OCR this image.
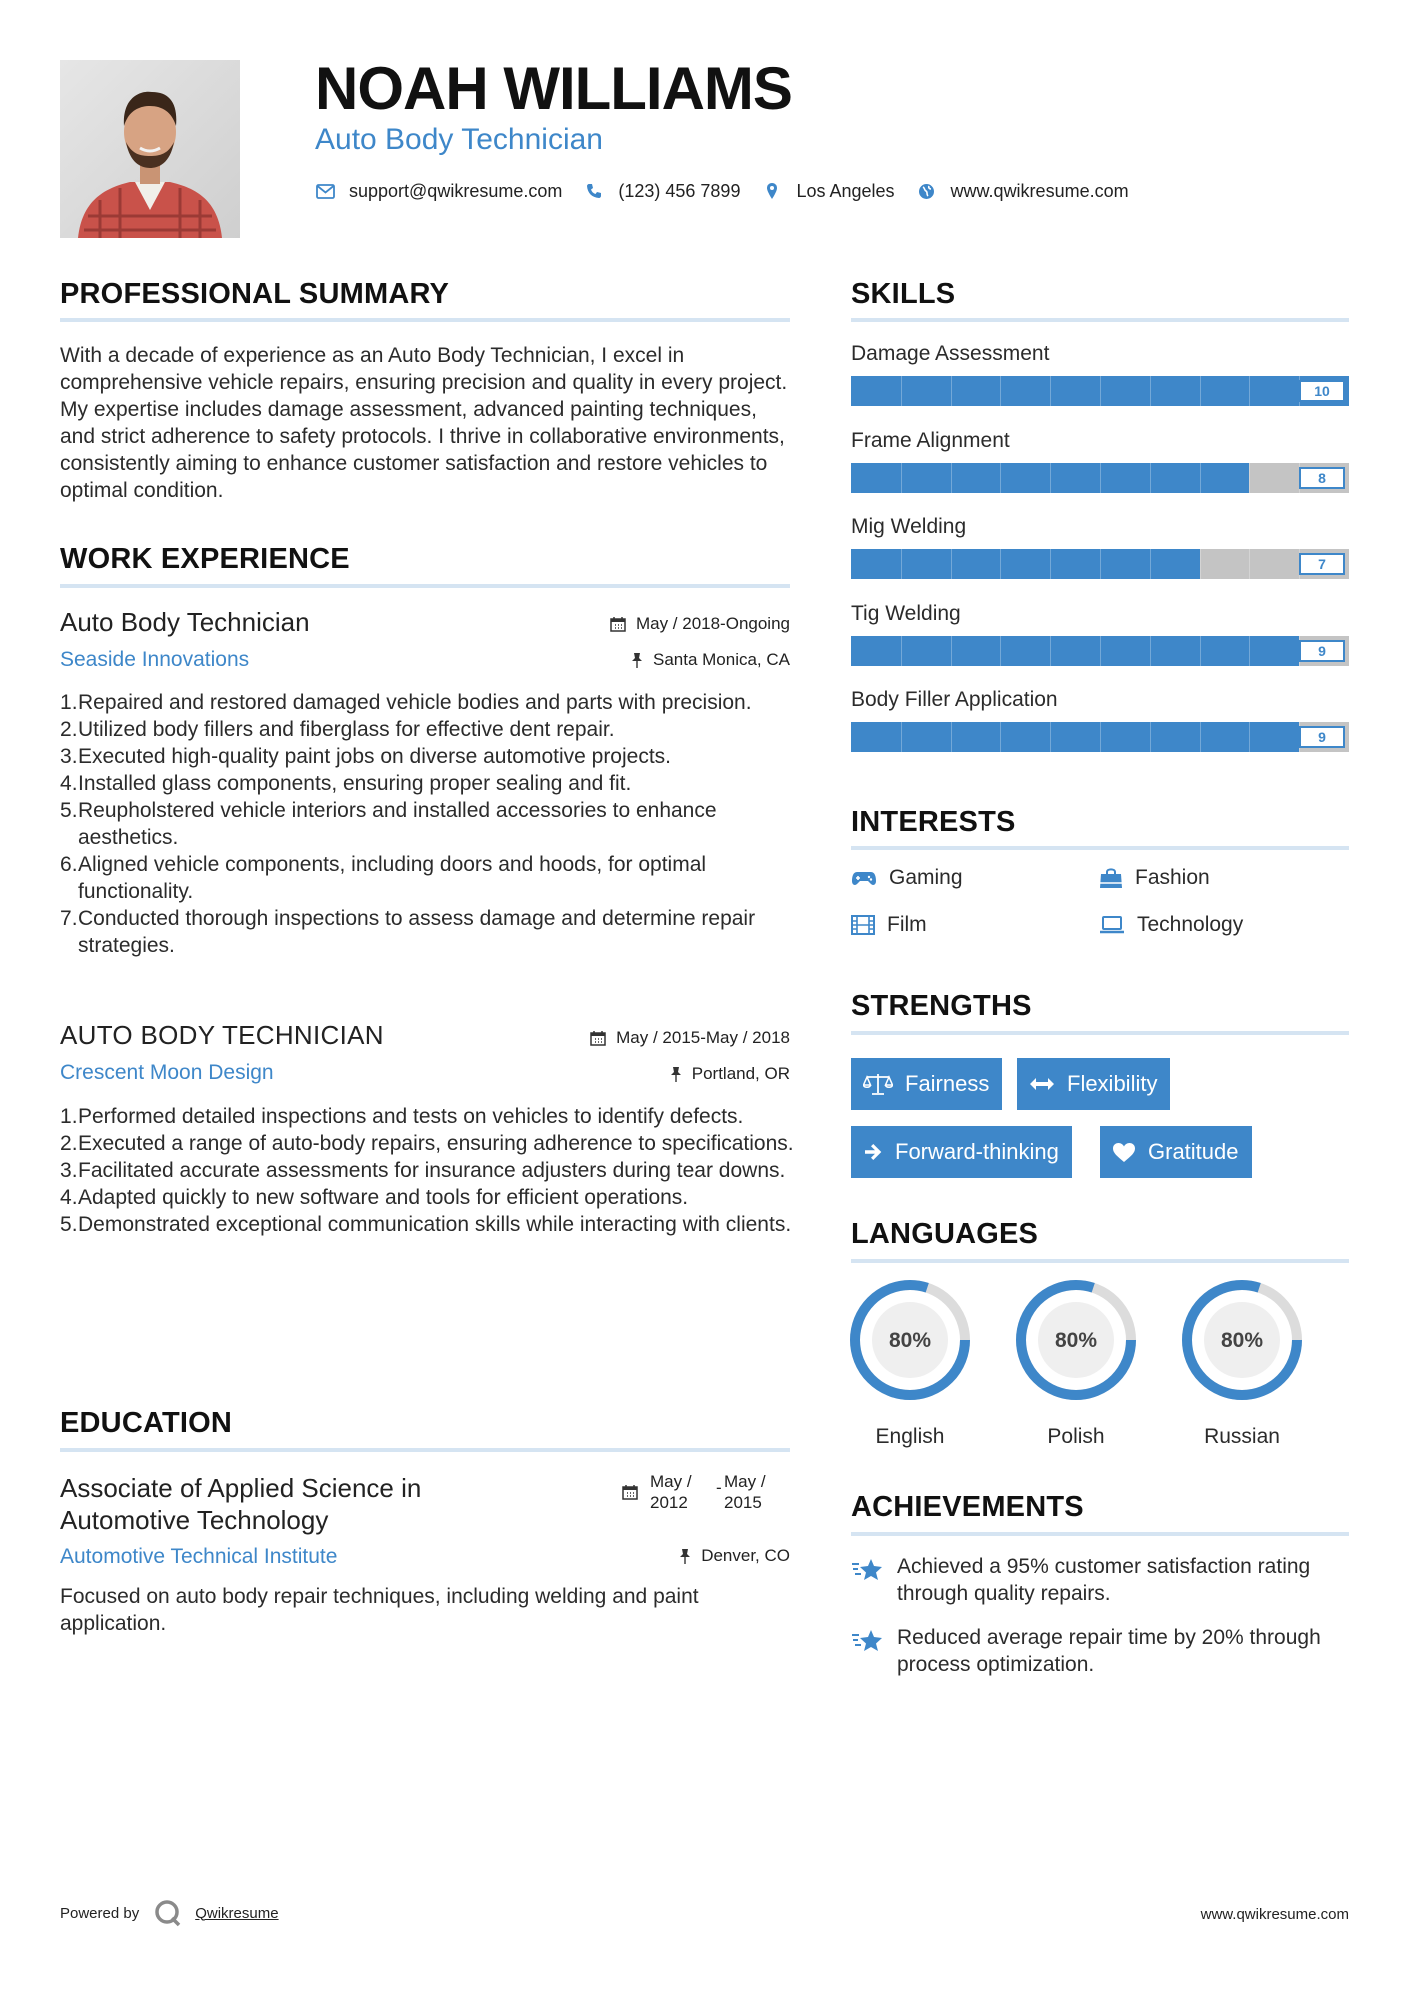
NOAH WILLIAMS
Auto Body Technician
support@qwikresume.com	(123) 456 7899	Los Angeles	www.qwikresume.com
PROFESSIONAL SUMMARY
With a decade of experience as an Auto Body Technician, I excel in comprehensive vehicle repairs, ensuring precision and quality in every project. My expertise includes damage assessment, advanced painting techniques, and strict adherence to safety protocols. I thrive in collaborative environments, consistently aiming to enhance customer satisfaction and restore vehicles to optimal condition.
WORK EXPERIENCE
Auto Body Technician	May / 2018-Ongoing
Seaside Innovations	Santa Monica, CA
Repaired and restored damaged vehicle bodies and parts with precision.
Utilized body fillers and fiberglass for effective dent repair.
Executed high-quality paint jobs on diverse automotive projects.
Installed glass components, ensuring proper sealing and fit.
Reupholstered vehicle interiors and installed accessories to enhance aesthetics.
Aligned vehicle components, including doors and hoods, for optimal functionality.
Conducted thorough inspections to assess damage and determine repair strategies.
AUTO BODY TECHNICIAN	May / 2015-May / 2018
Crescent Moon Design	Portland, OR
Performed detailed inspections and tests on vehicles to identify defects.
Executed a range of auto-body repairs, ensuring adherence to specifications.
Facilitated accurate assessments for insurance adjusters during tear downs.
Adapted quickly to new software and tools for efficient operations.
Demonstrated exceptional communication skills while interacting with clients.
EDUCATION
Associate of Applied Science in
Automotive Technology
May /
2012
- May /
2015
Automotive Technical Institute	Denver, CO
Focused on auto body repair techniques, including welding and paint application.
SKILLS
Damage Assessment
10
Frame Alignment
8
Mig Welding
7
Tig Welding
9
Body Filler Application
9
INTERESTS
Gaming	Fashion
Film	Technology
STRENGTHS
Fairness	Flexibility
Forward-thinking	Gratitude
LANGUAGES
80%
English
80%
Polish
80%
Russian
ACHIEVEMENTS
Achieved a 95% customer satisfaction rating through quality repairs.
Reduced average repair time by 20% through process optimization.
Powered by	Qwikresume	www.qwikresume.com
